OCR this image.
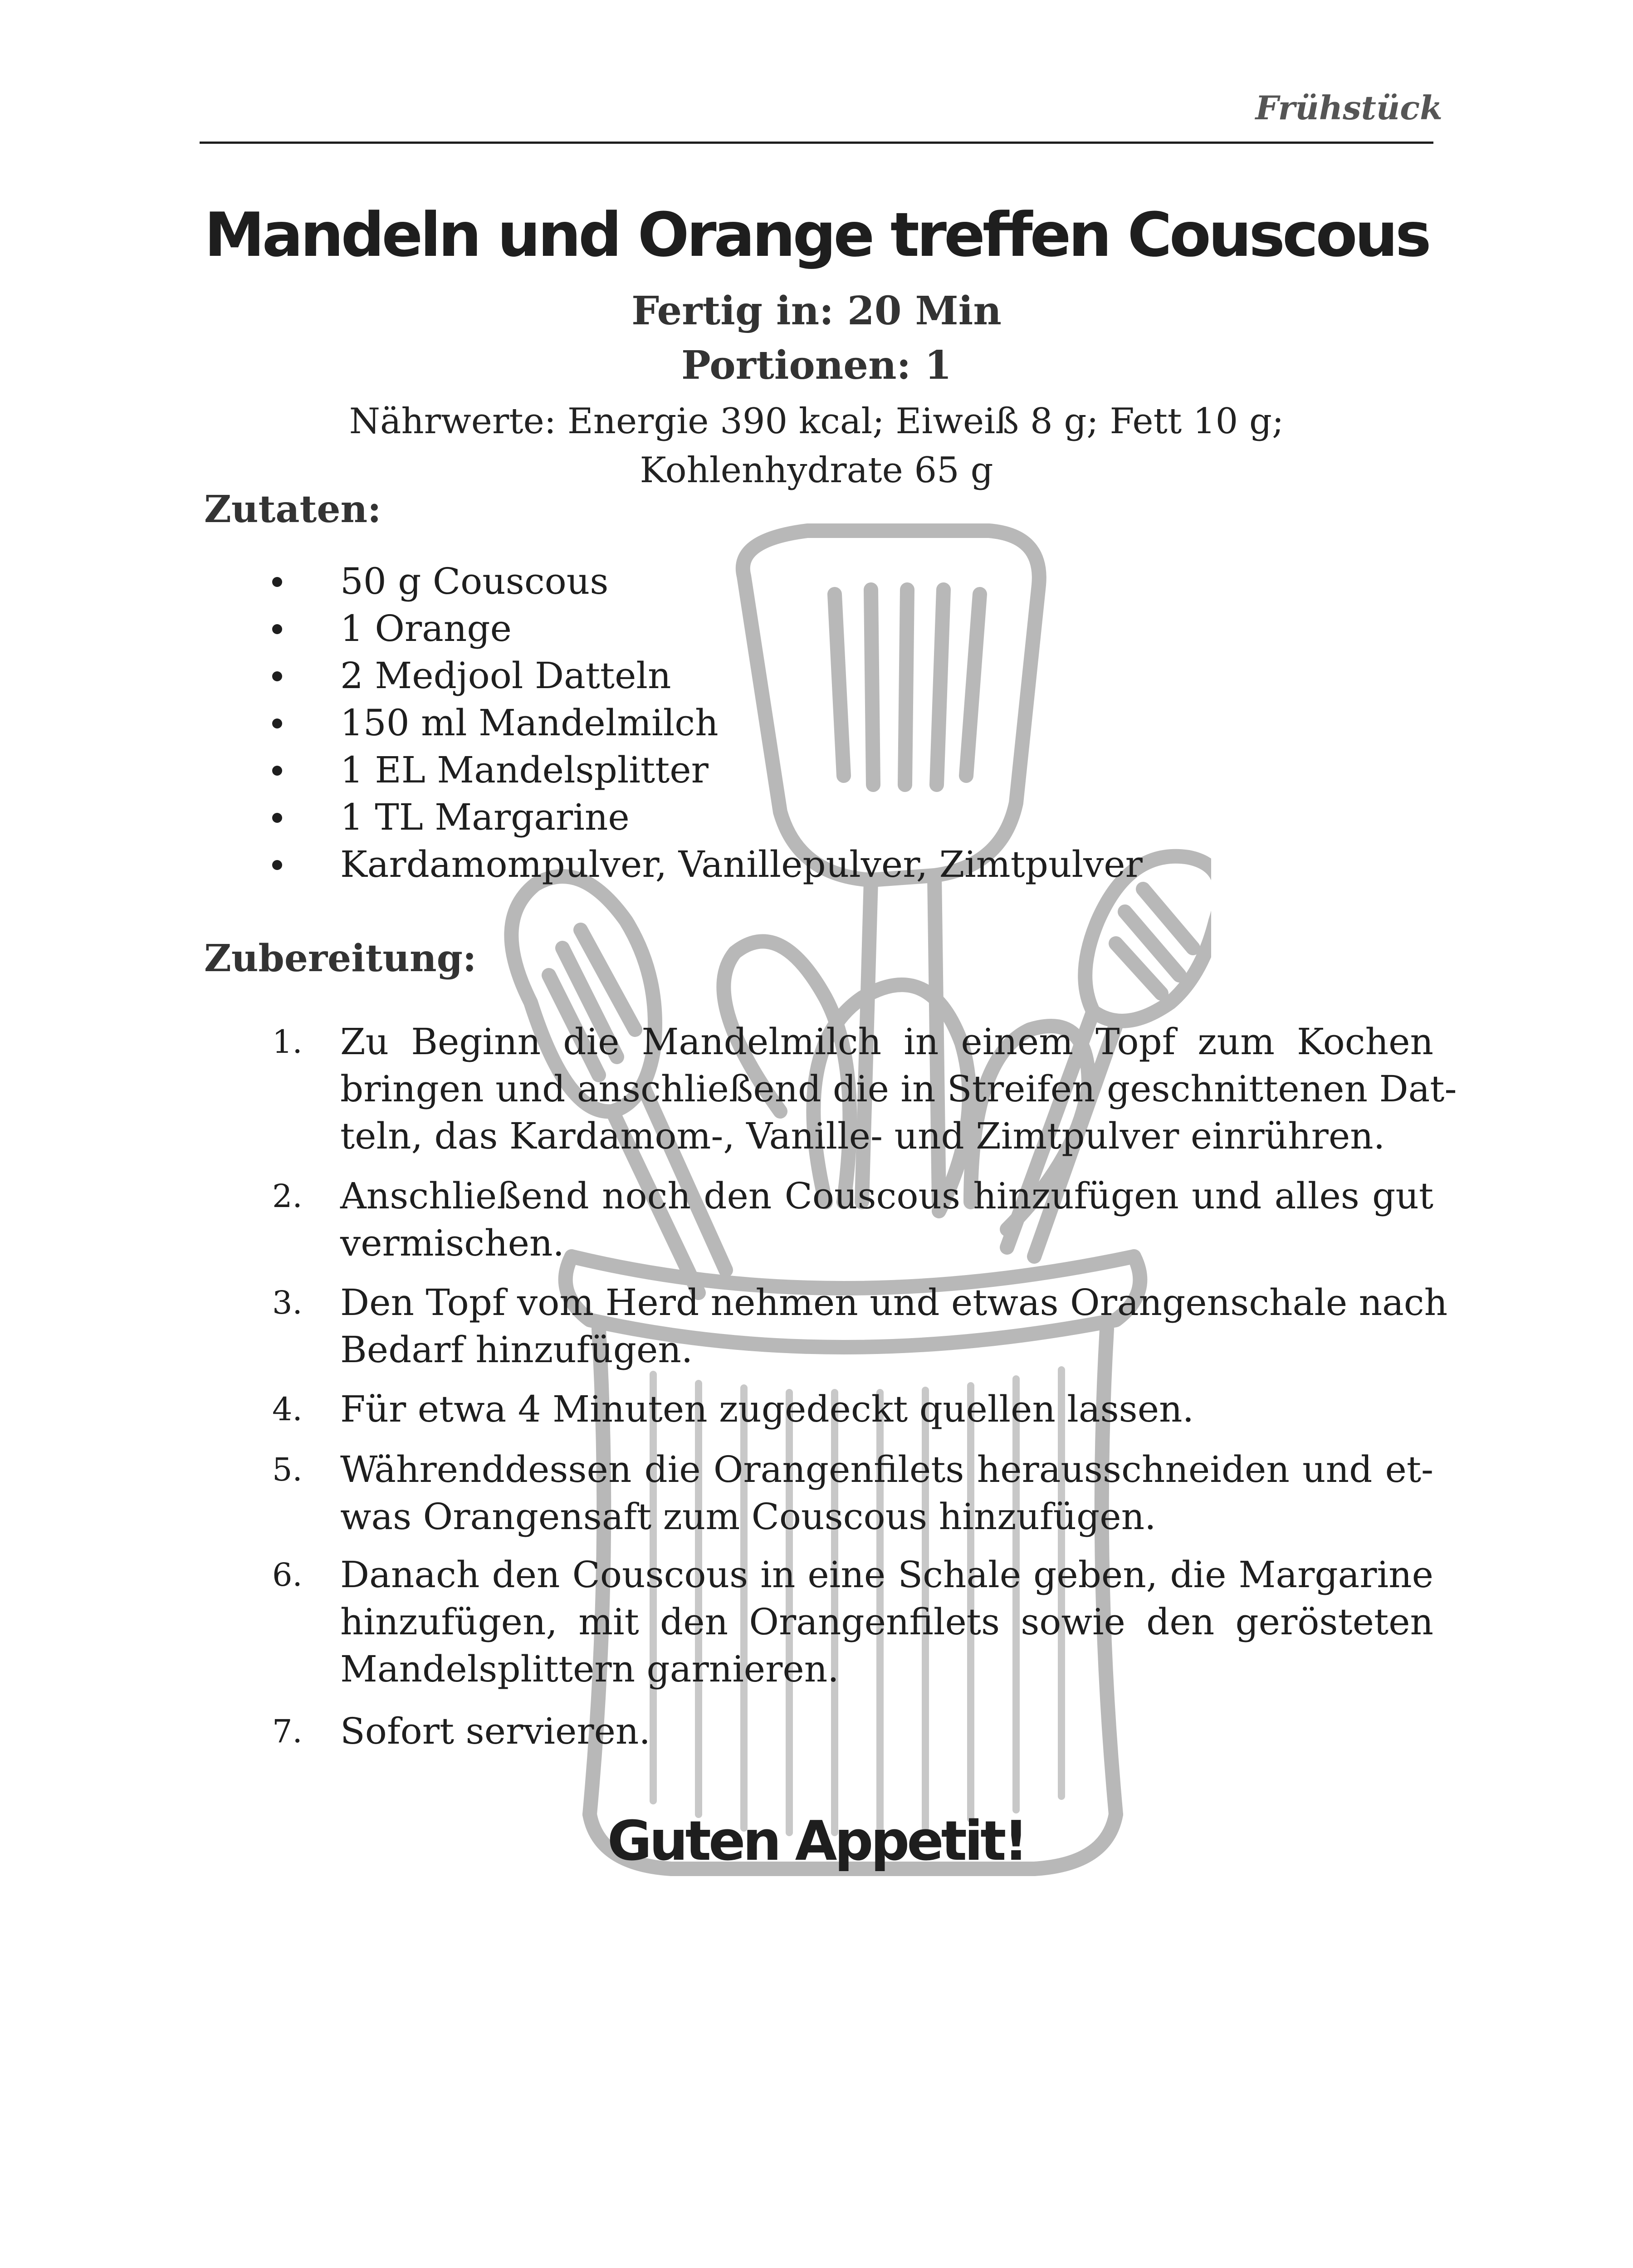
Frühstück
Mandeln und Orange treffen Couscous
Fertig in: 20 Min
Portionen: 1
Nährwerte: Energie 390 kcal; Eiweiß 8 g; Fett 10 g;
Kohlenhydrate 65 g
Zutaten:
50 g Couscous
1 Orange
2 Medjool Datteln
150 ml Mandelmilch
1 EL Mandelsplitter
1 TL Margarine
Kardamompulver, Vanillepulver, Zimtpulver
Zubereitung:
1. Zu Beginn die Mandelmilch in einem Topf zum Kochen
bringen und anschließend die in Streifen geschnittenen Dat-
teln, das Kardamom-, Vanille- und Zimtpulver einrühren.
2. Anschließend noch den Couscous hinzufügen und alles gut
vermischen.
3. Den Topf vom Herd nehmen und etwas Orangenschale nach
Bedarf hinzufügen.
4. Für etwa 4 Minuten zugedeckt quellen lassen.
5. Währenddessen die Orangenfilets herausschneiden und et-
was Orangensaft zum Couscous hinzufügen.
6. Danach den Couscous in eine Schale geben, die Margarine
hinzufügen, mit den Orangenfilets sowie den gerösteten
Mandelsplittern garnieren.
7. Sofort servieren.
Guten Appetit!
